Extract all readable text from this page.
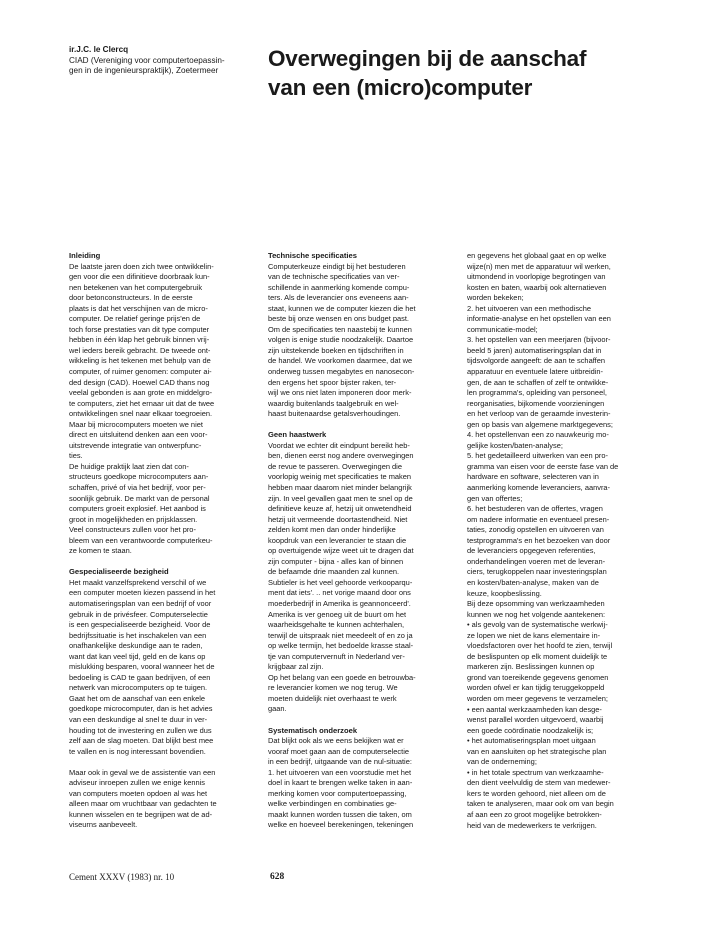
ir.J.C. le Clercq
CIAD (Vereniging voor computertoepassin-
gen in de ingenieurspraktijk), Zoetermeer	Overwegingen bij de aanschaf
van een (micro)computer
Inleiding

De laatste jaren doen zich twee ontwikkelin-
gen voor die een difinitieve doorbraak kun-
nen betekenen van het computergebruik
door betonconstructeurs. In de eerste
plaats is dat het verschijnen van de micro-
computer. De relatief geringe prijs'en de
toch forse prestaties van dit type computer
hebben in één klap het gebruik binnen vrij-
wel ieders bereik gebracht. De tweede ont-
wikkeling is het tekenen met behulp van de
computer, of ruimer genomen: computer ai-
ded design (CAD). Hoewel CAD thans nog
veelal gebonden is aan grote en middelgro-
te computers, ziet het ernaar uit dat de twee
ontwikkelingen snel naar elkaar toegroeien.
Maar bij microcomputers moeten we niet
direct en uitsluitend denken aan een voor-
uitstrevende integratie van ontwerpfunc-
ties.
De huidige praktijk laat zien dat con-
structeurs goedkope microcomputers aan-
schaffen, privé of via het bedrijf, voor per-
soonlijk gebruik. De markt van de personal
computers groeit explosief. Het aanbod is
groot in mogelijkheden en prijsklassen.
Veel constructeurs zullen voor het pro-
bleem van een verantwoorde computerkeu-
ze komen te staan.

Gespecialiseerde bezigheid

Het maakt vanzelfsprekend verschil of we
een computer moeten kiezen passend in het
automatiseringsplan van een bedrijf of voor
gebruik in de privésfeer. Computerselectie
is een gespecialiseerde bezigheid. Voor de
bedrijfssituatie is het inschakelen van een
onafhankelijke deskundige aan te raden,
want dat kan veel tijd, geld en de kans op
mislukking besparen, vooral wanneer het de
bedoeling is CAD te gaan bedrijven, of een
netwerk van microcomputers op te tuigen.
Gaat het om de aanschaf van een enkele
goedkope microcomputer, dan is het advies
van een deskundige al snel te duur in ver-
houding tot de investering en zullen we dus
zelf aan de slag moeten. Dat blijkt best mee
te vallen en is nog interessant bovendien.

Maar ook in geval we de assistentie van een
adviseur inroepen zullen we enige kennis
van computers moeten opdoen al was het
alleen maar om vruchtbaar van gedachten te
kunnen wisselen en te begrijpen wat de ad-
viseurns aanbeveelt.

Technische specificaties

Computerkeuze eindigt bij het bestuderen
van de technische specificaties van ver-
schillende in aanmerking komende compu-
ters. Als de leverancier ons eveneens aan-
staat, kunnen we de computer kiezen die het
beste bij onze wensen en ons budget past.
Om de specificaties ten naastebij te kunnen
volgen is enige studie noodzakelijk. Daartoe
zijn uitstekende boeken en tijdschriften in
de handel. We voorkomen daarmee, dat we
onderweg tussen megabytes en nanosecon-
den ergens het spoor bijster raken, ter-
wijl we ons niet laten imponeren door merk-
waardig buitenlands taalgebruik en wel-
haast buitenaardse getalsverhoudingen.

Geen haastwerk

Voordat we echter dit eindpunt bereikt heb-
ben, dienen eerst nog andere overwegingen
de revue te passeren. Overwegingen die
voorlopig weinig met specificaties te maken
hebben maar daarom niet minder belangrijk
zijn. In veel gevallen gaat men te snel op de
definitieve keuze af, hetzij uit onwetendheid
hetzij uit vermeende doortastendheid. Niet
zelden komt men dan onder hinderlijke
koopdruk van een leverancier te staan die
op overtuigende wijze weet uit te dragen dat
zijn computer - bijna - alles kan of binnen
de befaamde drie maanden zal kunnen.
Subtieler is het veel gehoorde verkooparqu-
ment dat iets'. .. net vorige maand door ons
moederbedrijf in Amerika is geannonceerd'.
Amerika is ver genoeg uit de buurt om het
waarheidsgehalte te kunnen achterhalen,
terwijl de uitspraak niet meedeelt of en zo ja
op welke termijn, het bedoelde krasse staal-
tje van computervernuft in Nederland ver-
krijgbaar zal zijn.
Op het belang van een goede en betrouwba-
re leverancier komen we nog terug. We
moeten duidelijk niet overhaast te werk
gaan.

Systematisch onderzoek

Dat blijkt ook als we eens bekijken wat er
vooraf moet gaan aan de computerselectie
in een bedrijf, uitgaande van de nul-situatie:
1. het uitvoeren van een voorstudie met het
doel in kaart te brengen welke taken in aan-
merking komen voor computertoepassing,
welke verbindingen en combinaties ge-
maakt kunnen worden tussen die taken, om
welke en hoeveel berekeningen, tekeningen

en gegevens het globaal gaat en op welke
wijze(n) men met de apparatuur wil werken,
uitmondend in voorlopige begrotingen van
kosten en baten, waarbij ook alternatieven
worden bekeken;
2. het uitvoeren van een methodische
informatie-analyse en het opstellen van een
communicatie-model;
3. het opstellen van een meerjaren (bijvoor-
beeld 5 jaren) automatiseringsplan dat in
tijdsvolgorde aangeeft: de aan te schaffen
apparatuur en eventuele latere uitbreidin-
gen, de aan te schaffen of zelf te ontwikke-
len programma's, opleiding van personeel,
reorganisaties, bijkomende voorzieningen
en het verloop van de geraamde investerin-
gen op basis van algemene marktgegevens;
4. het opstellenvan een zo nauwkeurig mo-
gelijke kosten/baten-analyse;
5. het gedetailleerd uitwerken van een pro-
gramma van eisen voor de eerste fase van de
hardware en software, selecteren van in
aanmerking komende leveranciers, aanvra-
gen van offertes;
6. het bestuderen van de offertes, vragen
om nadere informatie en eventueel presen-
taties, zonodig opstellen en uitvoeren van
testprogramma's en het bezoeken van door
de leveranciers opgegeven referenties,
onderhandelingen voeren met de leveran-
ciers, terugkoppelen naar investeringsplan
en kosten/baten-analyse, maken van de
keuze, koopbeslissing.
Bij deze opsomming van werkzaamheden
kunnen we nog het volgende aantekenen:
• als gevolg van de systematische werkwij-
ze lopen we niet de kans elementaire in-
vloedsfactoren over het hoofd te zien, terwijl
de beslispunten op elk moment duidelijk te
markeren zijn. Beslissingen kunnen op
grond van toereikende gegevens genomen
worden ofwel er kan tijdig teruggekoppeld
worden om meer gegevens te verzamelen;
• een aantal werkzaamheden kan desge-
wenst parallel worden uitgevoerd, waarbij
een goede coördinatie noodzakelijk is;
• het automatiseringsplan moet uitgaan
van en aansluiten op het strategische plan
van de onderneming;
• in het totale spectrum van werkzaamhe-
den dient veelvuldig de stem van medewer-
kers te worden gehoord, niet alleen om de
taken te analyseren, maar ook om van begin
af aan een zo groot mogelijke betrokken-
heid van de medewerkers te verkrijgen.

Cement XXXV (1983) nr. 10	628
